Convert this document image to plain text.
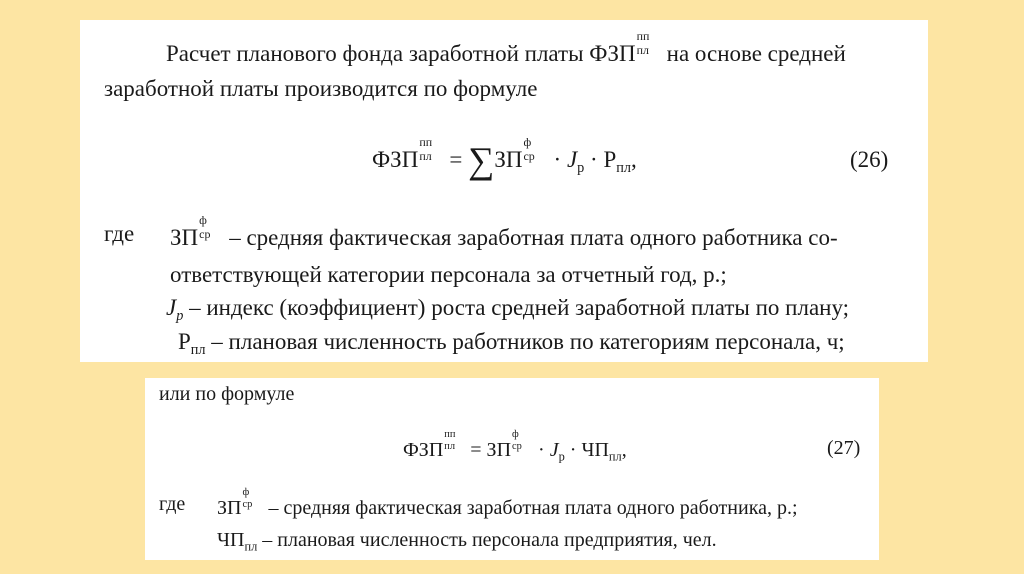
Расчет планового фонда заработной платы ФЗП
пп
пл на основе средней
заработной платы производится по формуле
ФЗП
пп
пл = ∑ЗП
ф
ср · $J_р \cdot Р_{пл}$,	(26)
где ЗП
ф
ср – средняя фактическая заработная плата одного работника со-
ответствующей категории персонала за отчетный год, р.;
$J_р$ – индекс (коэффициент) роста средней заработной платы по плану;
$Р_{пл}$ – плановая численность работников по категориям персонала, ч;
или по формуле
ФЗП
пп
пл = ЗП
ф
ср · $J_р \cdot ЧП_{пл}$,	(27)
где ЗП
ф
ср – средняя фактическая заработная плата одного работника, р.;
$ЧП_{пл}$ – плановая численность персонала предприятия, чел.
